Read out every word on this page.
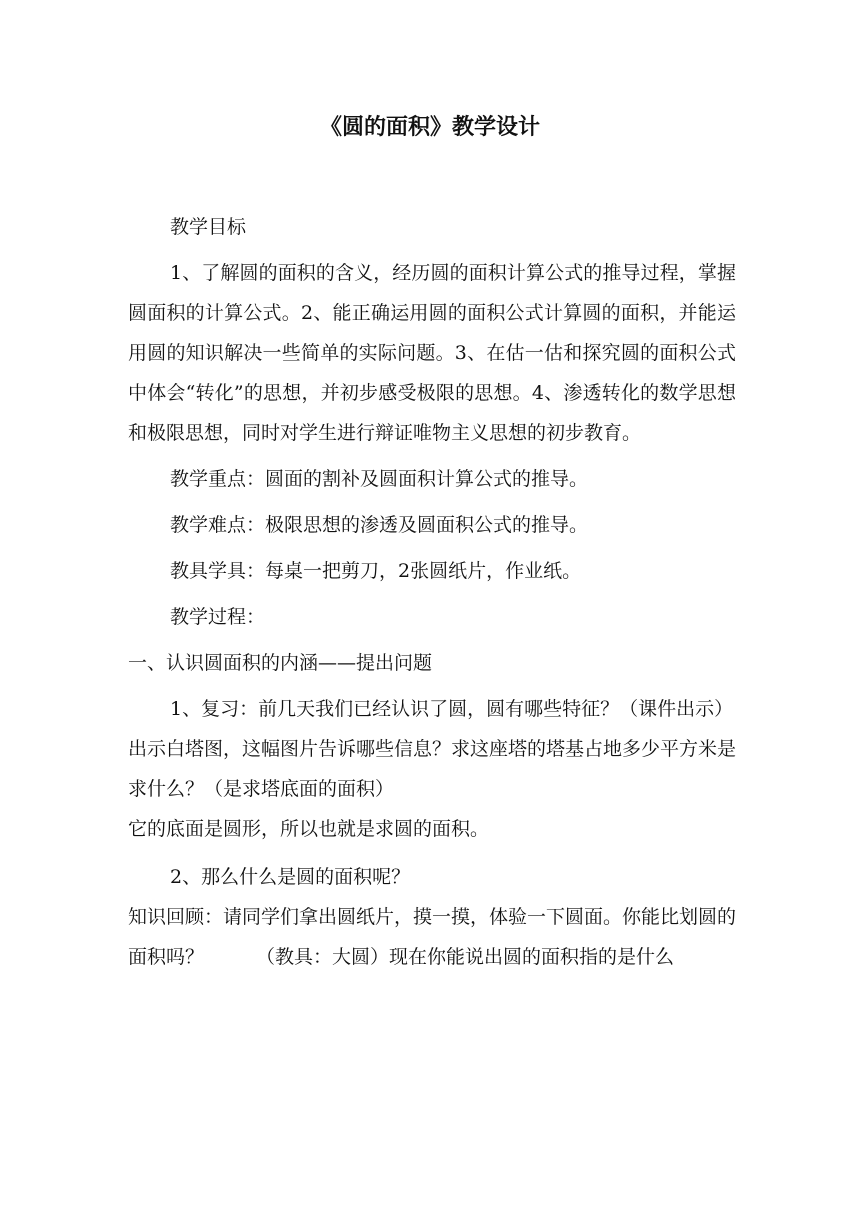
《圆的面积》教学设计

教学目标

1、了解圆的面积的含义，经历圆的面积计算公式的推导过程，掌握圆面积的计算公式。2、能正确运用圆的面积公式计算圆的面积，并能运用圆的知识解决一些简单的实际问题。3、在估一估和探究圆的面积公式中体会“转化”的思想，并初步感受极限的思想。4、渗透转化的数学思想和极限思想，同时对学生进行辩证唯物主义思想的初步教育。

教学重点：圆面的割补及圆面积计算公式的推导。

教学难点：极限思想的渗透及圆面积公式的推导。

教具学具：每桌一把剪刀，2张圆纸片，作业纸。

教学过程：

一、认识圆面积的内涵——提出问题

1、复习：前几天我们已经认识了圆，圆有哪些特征？（课件出示）

出示白塔图，这幅图片告诉哪些信息？求这座塔的塔基占地多少平方米是求什么？（是求塔底面的面积）

它的底面是圆形，所以也就是求圆的面积。

2、那么什么是圆的面积呢？

知识回顾：请同学们拿出圆纸片，摸一摸，体验一下圆面。你能比划圆的面积吗？	（教具：大圆）现在你能说出圆的面积指的是什么
